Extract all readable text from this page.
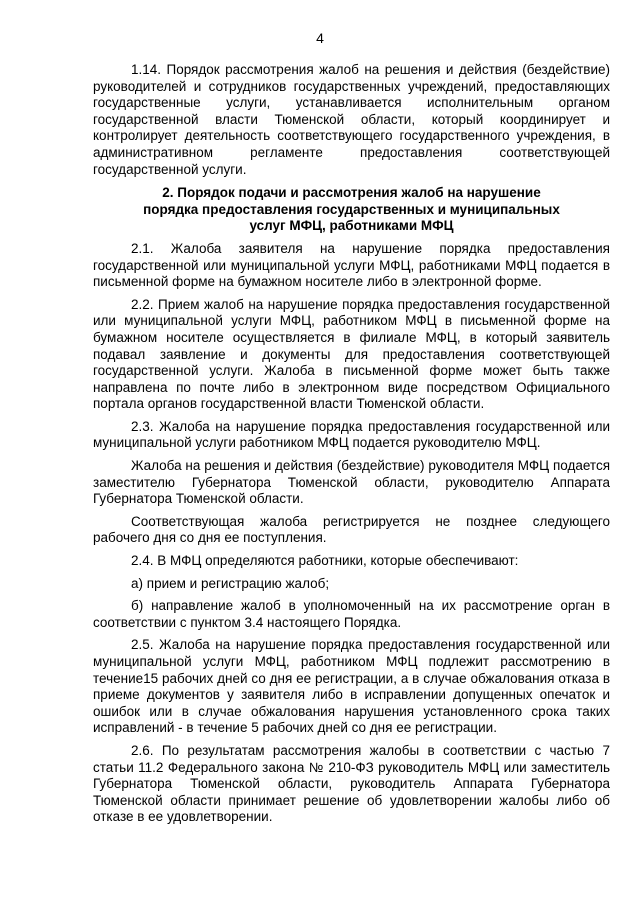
4

1.14. Порядок рассмотрения жалоб на решения и действия (бездействие) руководителей и сотрудников государственных учреждений, предоставляющих государственные услуги, устанавливается исполнительным органом государственной власти Тюменской области, который координирует и контролирует деятельность соответствующего государственного учреждения, в административном регламенте предоставления соответствующей государственной услуги.

2. Порядок подачи и рассмотрения жалоб на нарушение
порядка предоставления государственных и муниципальных
услуг МФЦ, работниками МФЦ

2.1. Жалоба заявителя на нарушение порядка предоставления государственной или муниципальной услуги МФЦ, работниками МФЦ подается в письменной форме на бумажном носителе либо в электронной форме.

2.2. Прием жалоб на нарушение порядка предоставления государственной или муниципальной услуги МФЦ, работником МФЦ в письменной форме на бумажном носителе осуществляется в филиале МФЦ, в который заявитель подавал заявление и документы для предоставления соответствующей государственной услуги. Жалоба в письменной форме может быть также направлена по почте либо в электронном виде посредством Официального портала органов государственной власти Тюменской области.

2.3. Жалоба на нарушение порядка предоставления государственной или муниципальной услуги работником МФЦ подается руководителю МФЦ.

Жалоба на решения и действия (бездействие) руководителя МФЦ подается заместителю Губернатора Тюменской области, руководителю Аппарата Губернатора Тюменской области.

Соответствующая жалоба регистрируется не позднее следующего рабочего дня со дня ее поступления.

2.4. В МФЦ определяются работники, которые обеспечивают:

а) прием и регистрацию жалоб;

б) направление жалоб в уполномоченный на их рассмотрение орган в соответствии с пунктом 3.4 настоящего Порядка.

2.5. Жалоба на нарушение порядка предоставления государственной или муниципальной услуги МФЦ, работником МФЦ подлежит рассмотрению в течение15 рабочих дней со дня ее регистрации, а в случае обжалования отказа в приеме документов у заявителя либо в исправлении допущенных опечаток и ошибок или в случае обжалования нарушения установленного срока таких исправлений - в течение 5 рабочих дней со дня ее регистрации.

2.6. По результатам рассмотрения жалобы в соответствии с частью 7 статьи 11.2 Федерального закона № 210-ФЗ руководитель МФЦ или заместитель Губернатора Тюменской области, руководитель Аппарата Губернатора Тюменской области принимает решение об удовлетворении жалобы либо об отказе в ее удовлетворении.
